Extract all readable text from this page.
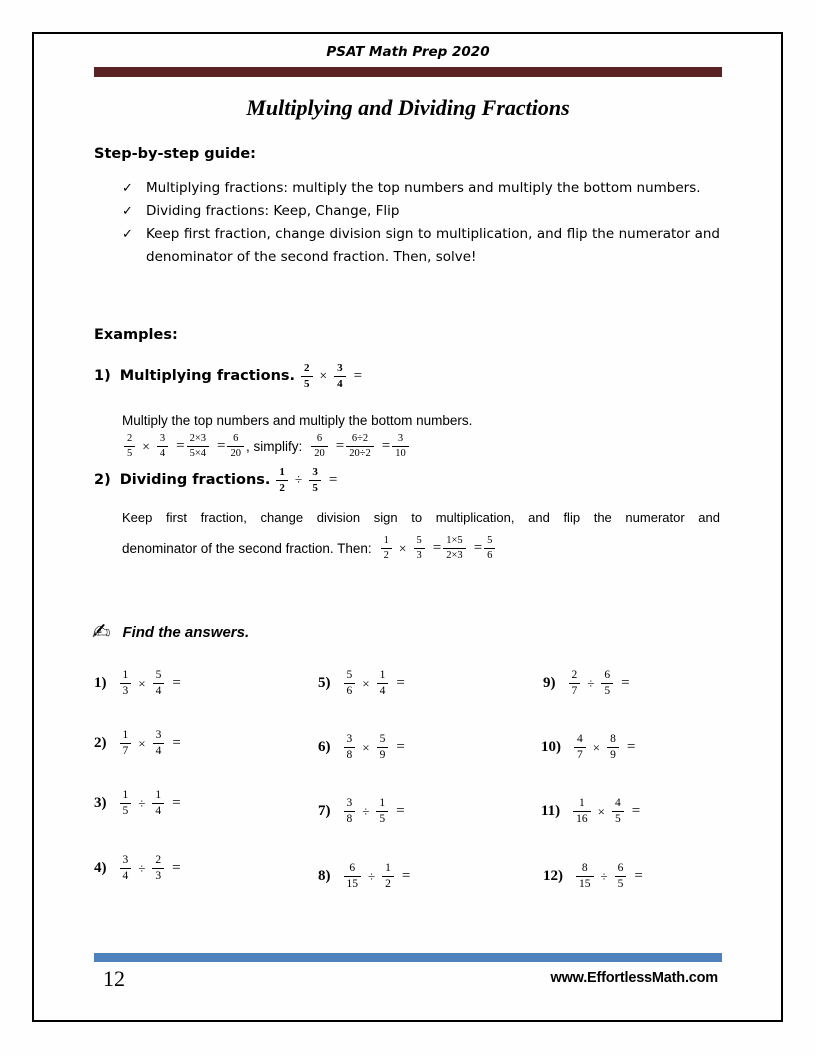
PSAT Math Prep 2020
Multiplying and Dividing Fractions
Step-by-step guide:
✓ Multiplying fractions: multiply the top numbers and multiply the bottom numbers.
✓ Dividing fractions: Keep, Change, Flip
✓ Keep first fraction, change division sign to multiplication, and flip the numerator and denominator of the second fraction. Then, solve!
Examples:
1) Multiplying fractions. $\frac{2}{5} \times \frac{3}{4}$ =
Multiply the top numbers and multiply the bottom numbers.
$\frac{2}{5} \times \frac{3}{4} = \frac{2\times 3}{5\times 4} = \frac{6}{20}$ , simplify: $\frac{6}{20} = \frac{6\div 2}{20\div 2} = \frac{3}{10}$
2) Dividing fractions. $\frac{1}{2} \div \frac{3}{5}$ =
Keep first fraction, change division sign to multiplication, and flip the numerator and
denominator of the second fraction. Then: $\frac{1}{2} \times \frac{5}{3} = \frac{1\times 5}{2\times 3} = \frac{5}{6}$
✍ Find the answers.
$1) \frac{1}{3} \times \frac{5}{4}$ =
$2) \frac{1}{7} \times \frac{3}{4}$ =
$3) \frac{1}{5} \div \frac{1}{4}$ =
$4) \frac{3}{4} \div \frac{2}{3}$ =
$5) \frac{5}{6} \times \frac{1}{4}$ =
$6) \frac{3}{8} \times \frac{5}{9}$ =
$7) \frac{3}{8} \div \frac{1}{5}$ =
$8) \frac{6}{15} \div \frac{1}{2}$ =
$9) \frac{2}{7} \div \frac{6}{5}$ =
$10) \frac{4}{7} \times \frac{8}{9}$ =
$11) \frac{1}{16} \times \frac{4}{5}$ =
$12) \frac{8}{15} \div \frac{6}{5}$ =
12	www.EffortlessMath.com
